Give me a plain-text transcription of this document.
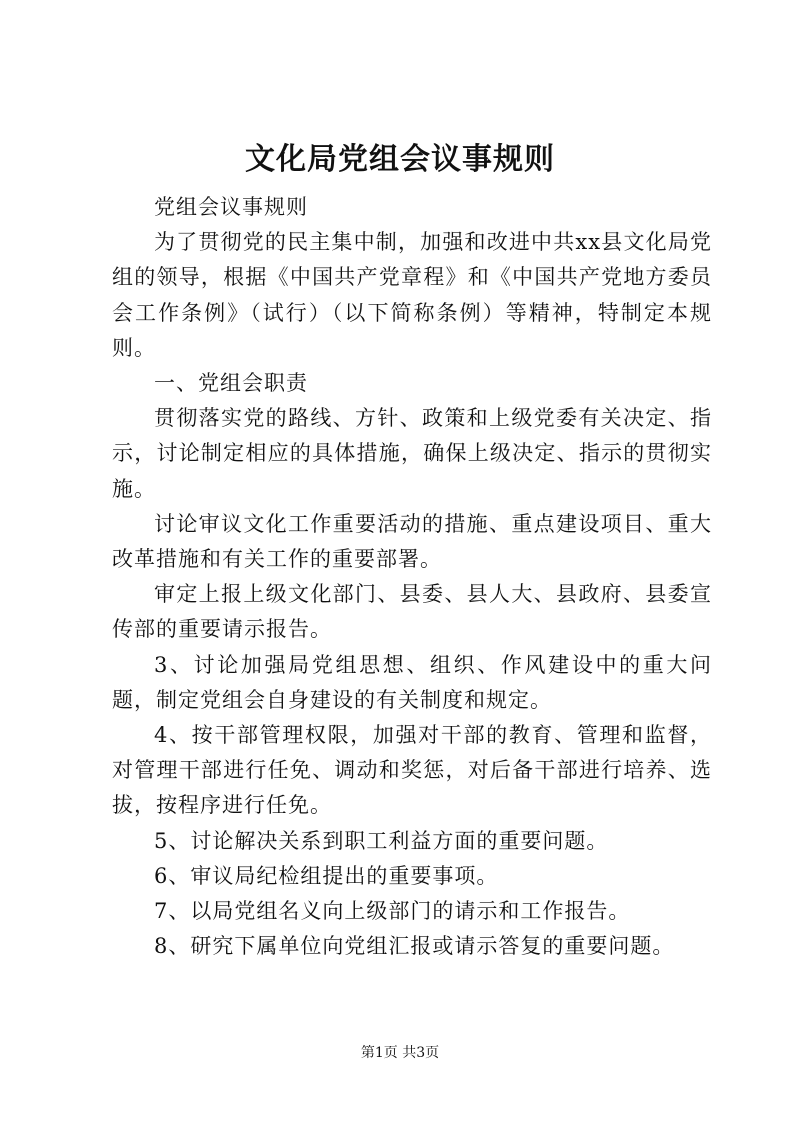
文化局党组会议事规则

党组会议事规则

为了贯彻党的民主集中制，加强和改进中共xx县文化局党组的领导，根据《中国共产党章程》和《中国共产党地方委员会工作条例》（试行）（以下简称条例）等精神，特制定本规则。

一、党组会职责

贯彻落实党的路线、方针、政策和上级党委有关决定、指示，讨论制定相应的具体措施，确保上级决定、指示的贯彻实施。

讨论审议文化工作重要活动的措施、重点建设项目、重大改革措施和有关工作的重要部署。

审定上报上级文化部门、县委、县人大、县政府、县委宣传部的重要请示报告。

3、讨论加强局党组思想、组织、作风建设中的重大问题，制定党组会自身建设的有关制度和规定。

4、按干部管理权限，加强对干部的教育、管理和监督，对管理干部进行任免、调动和奖惩，对后备干部进行培养、选拔，按程序进行任免。

5、讨论解决关系到职工利益方面的重要问题。

6、审议局纪检组提出的重要事项。

7、以局党组名义向上级部门的请示和工作报告。

8、研究下属单位向党组汇报或请示答复的重要问题。

第1页 共3页
